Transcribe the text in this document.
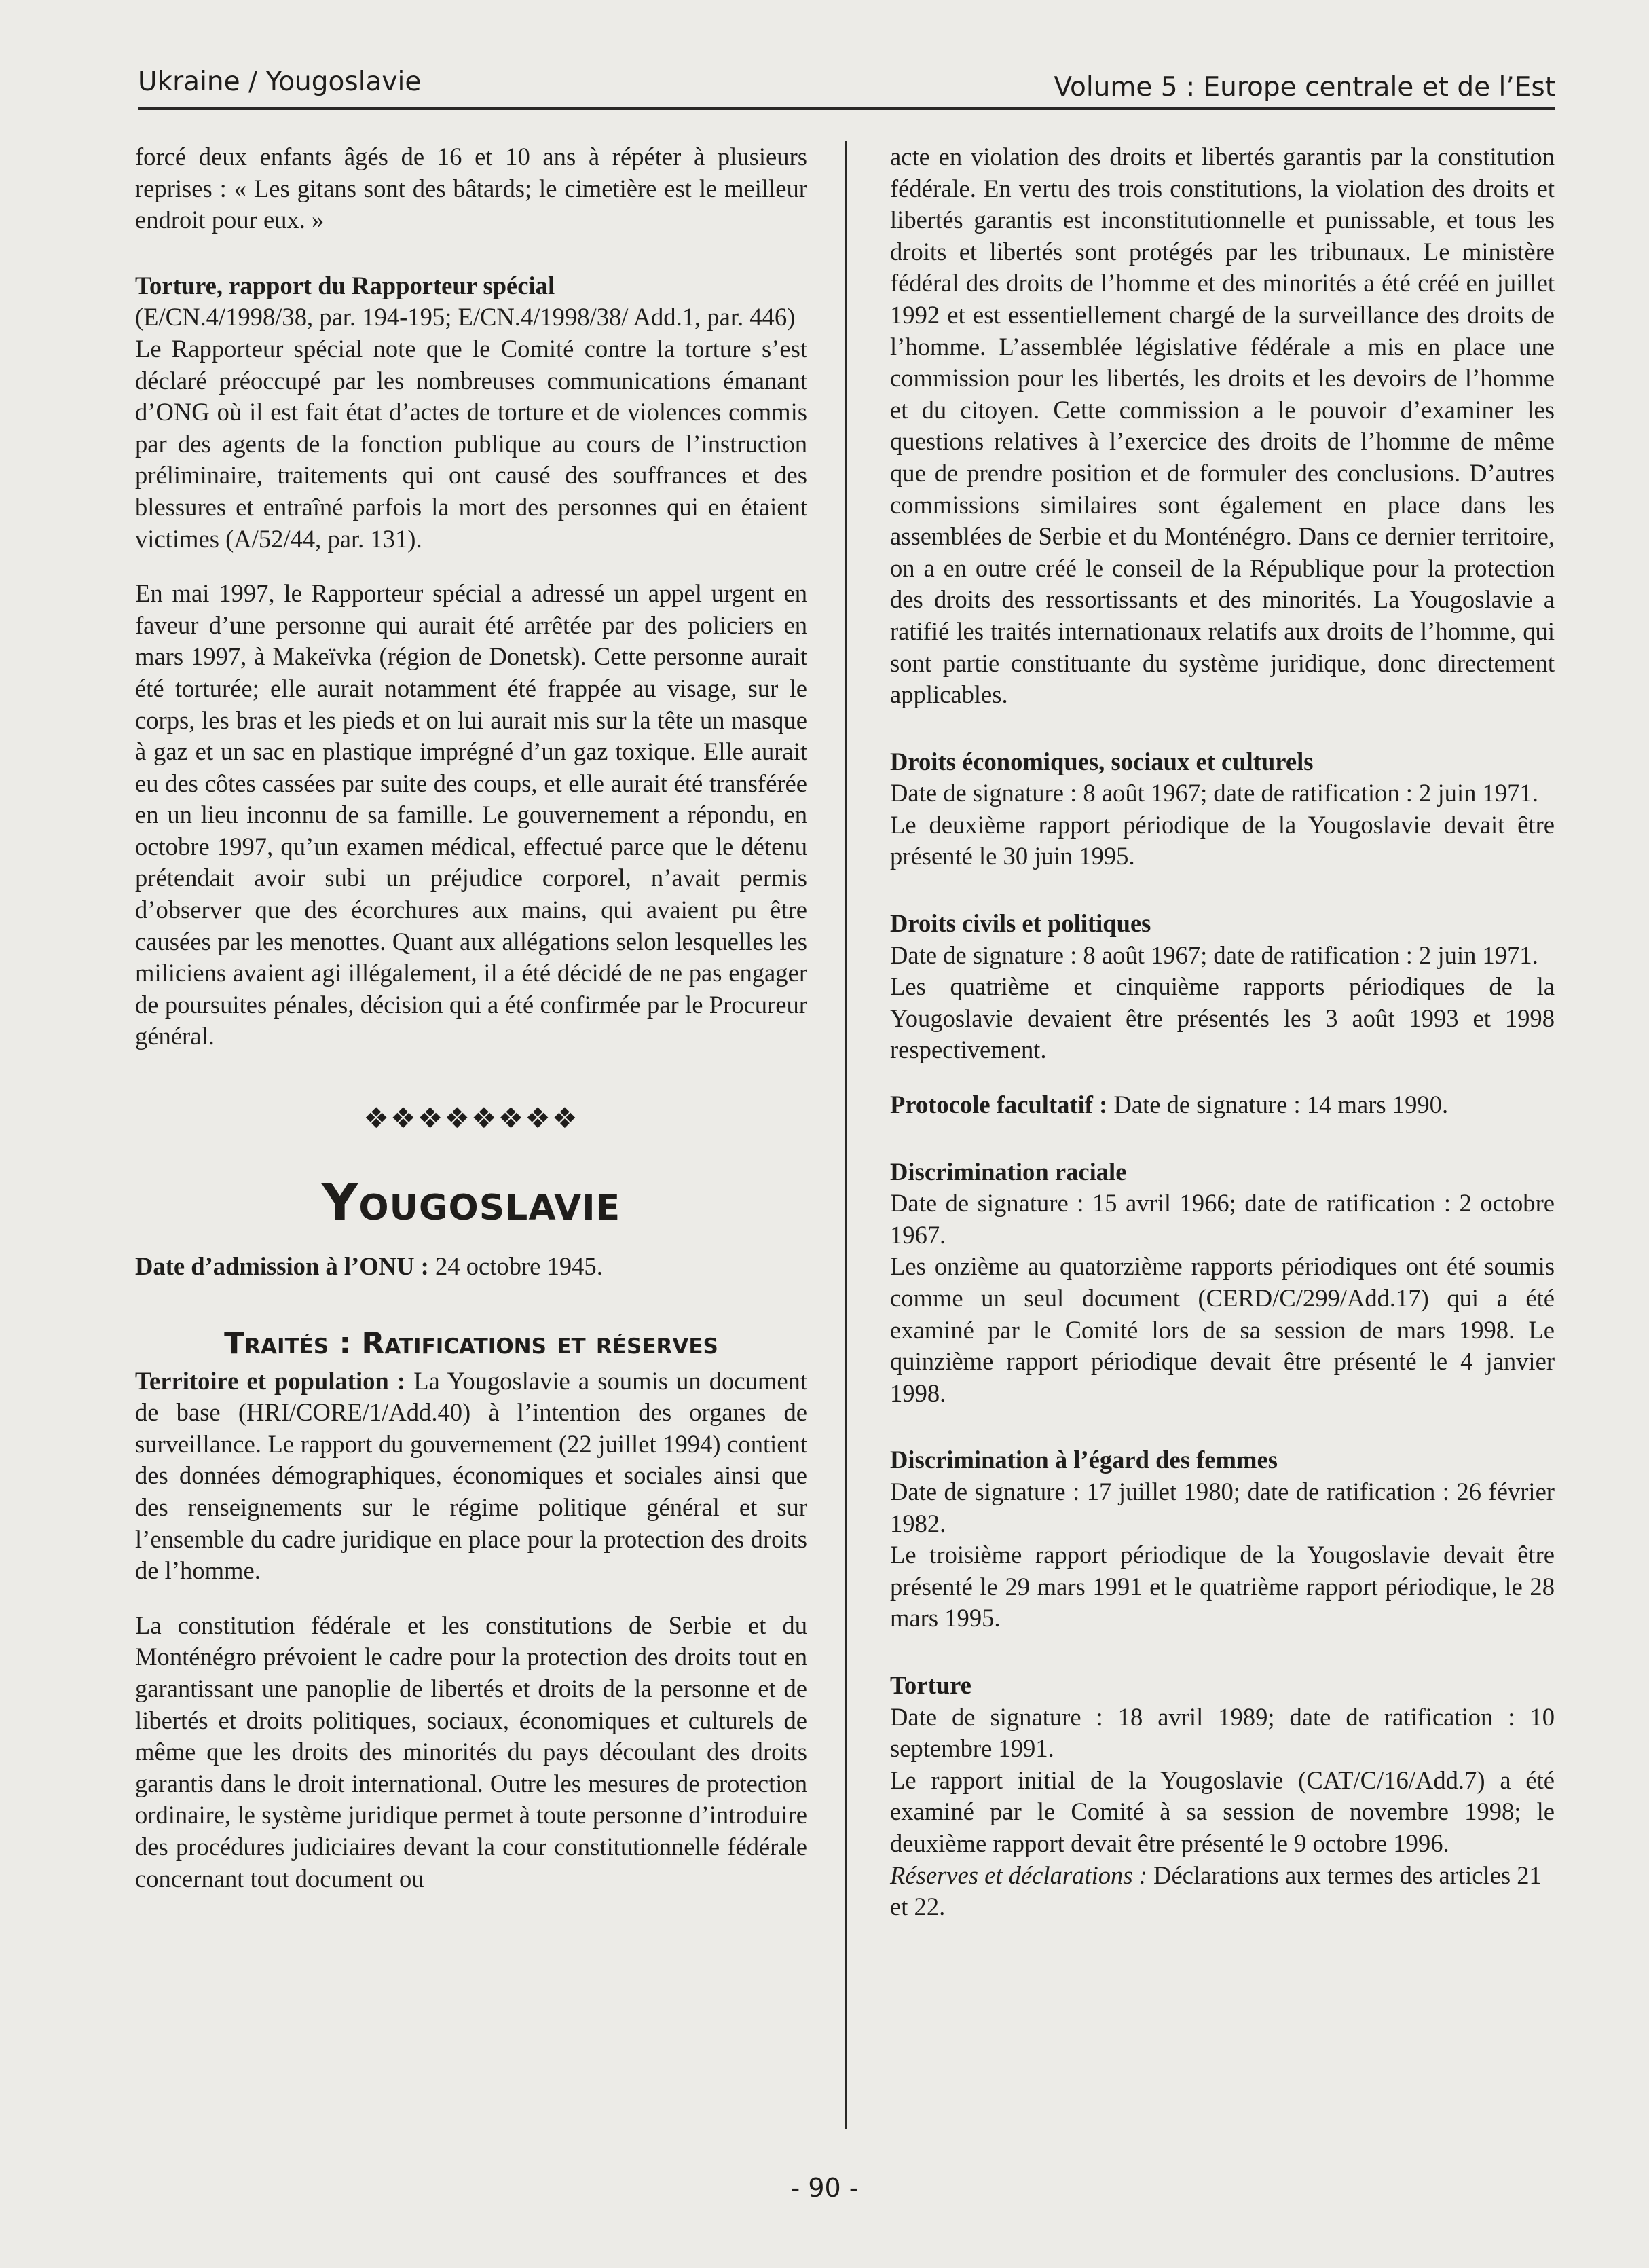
Ukraine / Yougoslavie	Volume 5 : Europe centrale et de l’Est

forcé deux enfants âgés de 16 et 10 ans à répéter à plusieurs reprises : « Les gitans sont des bâtards; le cimetière est le meilleur endroit pour eux. »

Torture, rapport du Rapporteur spécial

(E/CN.4/1998/38, par. 194-195; E/CN.4/1998/38/ Add.1, par. 446)

Le Rapporteur spécial note que le Comité contre la torture s’est déclaré préoccupé par les nombreuses communications émanant d’ONG où il est fait état d’actes de torture et de violences commis par des agents de la fonction publique au cours de l’instruction préliminaire, traitements qui ont causé des souffrances et des blessures et entraîné parfois la mort des personnes qui en étaient victimes (A/52/44, par. 131).

En mai 1997, le Rapporteur spécial a adressé un appel urgent en faveur d’une personne qui aurait été arrêtée par des policiers en mars 1997, à Makeïvka (région de Donetsk). Cette personne aurait été torturée; elle aurait notamment été frappée au visage, sur le corps, les bras et les pieds et on lui aurait mis sur la tête un masque à gaz et un sac en plastique imprégné d’un gaz toxique. Elle aurait eu des côtes cassées par suite des coups, et elle aurait été transférée en un lieu inconnu de sa famille. Le gouvernement a répondu, en octobre 1997, qu’un examen médical, effectué parce que le détenu prétendait avoir subi un préjudice corporel, n’avait permis d’observer que des écorchures aux mains, qui avaient pu être causées par les menottes. Quant aux allégations selon lesquelles les miliciens avaient agi illégalement, il a été décidé de ne pas engager de poursuites pénales, décision qui a été confirmée par le Procureur général.

❖❖❖❖❖❖❖❖
Yougoslavie

Date d’admission à l’ONU : 24 octobre 1945.

Traités : Ratifications et réserves

Territoire et population : La Yougoslavie a soumis un document de base (HRI/CORE/1/Add.40) à l’intention des organes de surveillance. Le rapport du gouvernement (22 juillet 1994) contient des données démographiques, économiques et sociales ainsi que des renseignements sur le régime politique général et sur l’ensemble du cadre juridique en place pour la protection des droits de l’homme.

La constitution fédérale et les constitutions de Serbie et du Monténégro prévoient le cadre pour la protection des droits tout en garantissant une panoplie de libertés et droits de la personne et de libertés et droits politiques, sociaux, économiques et culturels de même que les droits des minorités du pays découlant des droits garantis dans le droit international. Outre les mesures de protection ordinaire, le système juridique permet à toute personne d’introduire des procédures judiciaires devant la cour constitutionnelle fédérale concernant tout document ou

acte en violation des droits et libertés garantis par la constitution fédérale. En vertu des trois constitutions, la violation des droits et libertés garantis est inconstitutionnelle et punissable, et tous les droits et libertés sont protégés par les tribunaux. Le ministère fédéral des droits de l’homme et des minorités a été créé en juillet 1992 et est essentiellement chargé de la surveillance des droits de l’homme. L’assemblée législative fédérale a mis en place une commission pour les libertés, les droits et les devoirs de l’homme et du citoyen. Cette commission a le pouvoir d’examiner les questions relatives à l’exercice des droits de l’homme de même que de prendre position et de formuler des conclusions. D’autres commissions similaires sont également en place dans les assemblées de Serbie et du Monténégro. Dans ce dernier territoire, on a en outre créé le conseil de la République pour la protection des droits des ressortissants et des minorités. La Yougoslavie a ratifié les traités internationaux relatifs aux droits de l’homme, qui sont partie constituante du système juridique, donc directement applicables.

Droits économiques, sociaux et culturels

Date de signature : 8 août 1967; date de ratification : 2 juin 1971.

Le deuxième rapport périodique de la Yougoslavie devait être présenté le 30 juin 1995.

Droits civils et politiques

Date de signature : 8 août 1967; date de ratification : 2 juin 1971.

Les quatrième et cinquième rapports périodiques de la Yougoslavie devaient être présentés les 3 août 1993 et 1998 respectivement.

Protocole facultatif : Date de signature : 14 mars 1990.

Discrimination raciale

Date de signature : 15 avril 1966; date de ratification : 2 octobre 1967.

Les onzième au quatorzième rapports périodiques ont été soumis comme un seul document (CERD/C/299/Add.17) qui a été examiné par le Comité lors de sa session de mars 1998. Le quinzième rapport périodique devait être présenté le 4 janvier 1998.

Discrimination à l’égard des femmes

Date de signature : 17 juillet 1980; date de ratification : 26 février 1982.

Le troisième rapport périodique de la Yougoslavie devait être présenté le 29 mars 1991 et le quatrième rapport périodique, le 28 mars 1995.

Torture

Date de signature : 18 avril 1989; date de ratification : 10 septembre 1991.

Le rapport initial de la Yougoslavie (CAT/C/16/Add.7) a été examiné par le Comité à sa session de novembre 1998; le deuxième rapport devait être présenté le 9 octobre 1996.

Réserves et déclarations : Déclarations aux termes des articles 21 et 22.

- 90 -
